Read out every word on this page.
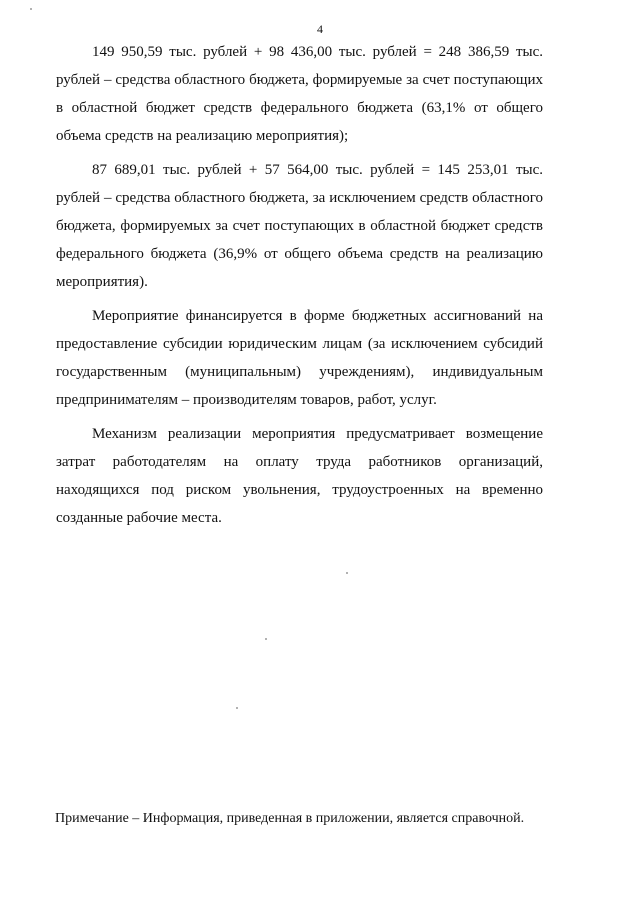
4

149 950,59 тыс. рублей + 98 436,00 тыс. рублей = 248 386,59 тыс. рублей – средства областного бюджета, формируемые за счет поступающих в областной бюджет средств федерального бюджета (63,1% от общего объема средств на реализацию мероприятия);

87 689,01 тыс. рублей + 57 564,00 тыс. рублей = 145 253,01 тыс. рублей – средства областного бюджета, за исключением средств областного бюджета, формируемых за счет поступающих в областной бюджет средств федерального бюджета (36,9% от общего объема средств на реализацию мероприятия).

Мероприятие финансируется в форме бюджетных ассигнований на предоставление субсидии юридическим лицам (за исключением субсидий государственным (муниципальным) учреждениям), индивидуальным предпринимателям – производителям товаров, работ, услуг.

Механизм реализации мероприятия предусматривает возмещение затрат работодателям на оплату труда работников организаций, находящихся под риском увольнения, трудоустроенных на временно созданные рабочие места.

Примечание – Информация, приведенная в приложении, является справочной.
